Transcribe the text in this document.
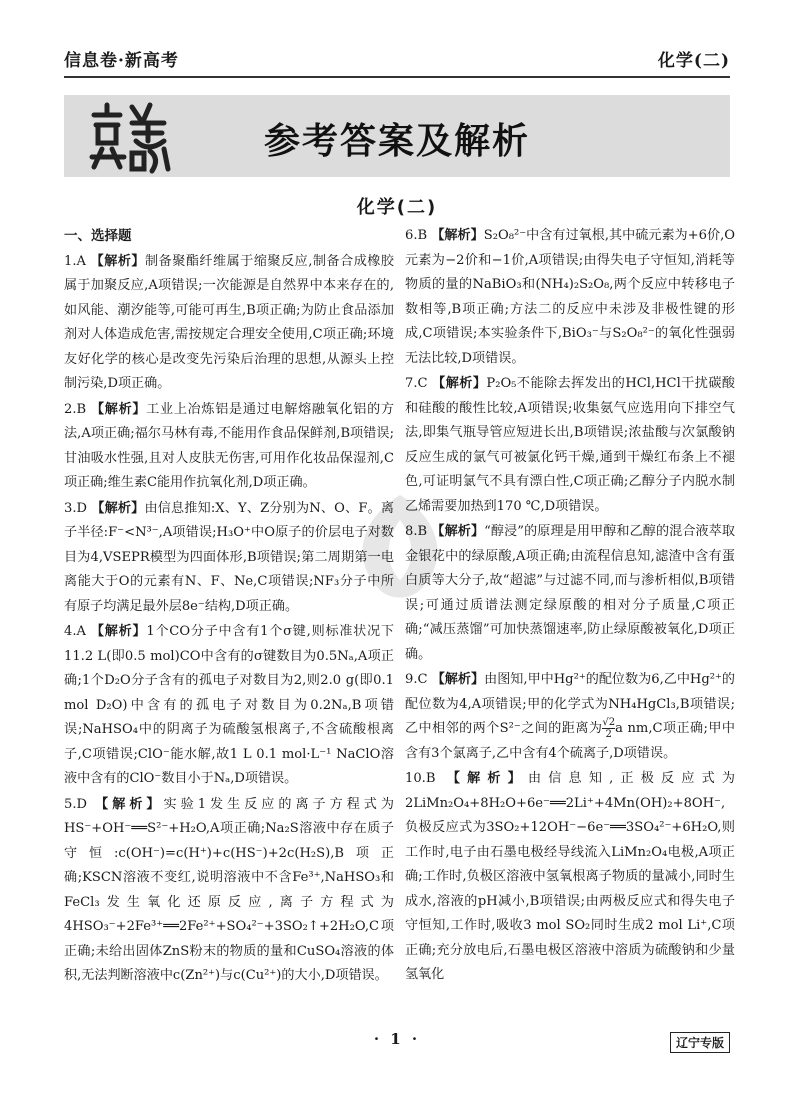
信息卷·新高考	化学(二)
参考答案及解析
化学(二)
一、选择题

1.A 【解析】制备聚酯纤维属于缩聚反应,制备合成橡胶属于加聚反应,A项错误;一次能源是自然界中本来存在的,如风能、潮汐能等,可能可再生,B项正确;为防止食品添加剂对人体造成危害,需按规定合理安全使用,C项正确;环境友好化学的核心是改变先污染后治理的思想,从源头上控制污染,D项正确。

2.B 【解析】工业上冶炼铝是通过电解熔融氧化铝的方法,A项正确;福尔马林有毒,不能用作食品保鲜剂,B项错误;甘油吸水性强,且对人皮肤无伤害,可用作化妆品保湿剂,C项正确;维生素C能用作抗氧化剂,D项正确。

3.D 【解析】由信息推知:X、Y、Z分别为N、O、F。离子半径:F⁻<N³⁻,A项错误;H₃O⁺中O原子的价层电子对数目为4,VSEPR模型为四面体形,B项错误;第二周期第一电离能大于O的元素有N、F、Ne,C项错误;NF₃分子中所有原子均满足最外层8e⁻结构,D项正确。

4.A 【解析】1个CO分子中含有1个σ键,则标准状况下11.2 L(即0.5 mol)CO中含有的σ键数目为0.5Nₐ,A项正确;1个D₂O分子含有的孤电子对数目为2,则2.0 g(即0.1 mol D₂O)中含有的孤电子对数目为0.2Nₐ,B项错误;NaHSO₄中的阴离子为硫酸氢根离子,不含硫酸根离子,C项错误;ClO⁻能水解,故1 L 0.1 mol·L⁻¹ NaClO溶液中含有的ClO⁻数目小于Nₐ,D项错误。

5.D 【解析】实验1发生反应的离子方程式为HS⁻+OH⁻══S²⁻+H₂O,A项正确;Na₂S溶液中存在质子守恒:c(OH⁻)=c(H⁺)+c(HS⁻)+2c(H₂S),B项正确;KSCN溶液不变红,说明溶液中不含Fe³⁺,NaHSO₃和FeCl₃发生氧化还原反应,离子方程式为4HSO₃⁻+2Fe³⁺══2Fe²⁺+SO₄²⁻+3SO₂↑+2H₂O,C项正确;未给出固体ZnS粉末的物质的量和CuSO₄溶液的体积,无法判断溶液中c(Zn²⁺)与c(Cu²⁺)的大小,D项错误。

6.B 【解析】S₂O₈²⁻中含有过氧根,其中硫元素为+6价,O元素为−2价和−1价,A项错误;由得失电子守恒知,消耗等物质的量的NaBiO₃和(NH₄)₂S₂O₈,两个反应中转移电子数相等,B项正确;方法二的反应中未涉及非极性键的形成,C项错误;本实验条件下,BiO₃⁻与S₂O₈²⁻的氧化性强弱无法比较,D项错误。

7.C 【解析】P₂O₅不能除去挥发出的HCl,HCl干扰碳酸和硅酸的酸性比较,A项错误;收集氨气应选用向下排空气法,即集气瓶导管应短进长出,B项错误;浓盐酸与次氯酸钠反应生成的氯气可被氯化钙干燥,通到干燥红布条上不褪色,可证明氯气不具有漂白性,C项正确;乙醇分子内脱水制乙烯需要加热到170 ℃,D项错误。

8.B 【解析】“醇浸”的原理是用甲醇和乙醇的混合液萃取金银花中的绿原酸,A项正确;由流程信息知,滤渣中含有蛋白质等大分子,故“超滤”与过滤不同,而与渗析相似,B项错误;可通过质谱法测定绿原酸的相对分子质量,C项正确;“减压蒸馏”可加快蒸馏速率,防止绿原酸被氧化,D项正确。

9.C 【解析】由图知,甲中Hg²⁺的配位数为6,乙中Hg²⁺的配位数为4,A项错误;甲的化学式为NH₄HgCl₃,B项错误;乙中相邻的两个S²⁻之间的距离为 $\frac{√2}{2}$ a nm,C项正确;甲中含有3个氯离子,乙中含有4个硫离子,D项错误。

10.B 【解析】由信息知,正极反应式为2LiMn₂O₄+8H₂O+6e⁻══2Li⁺+4Mn(OH)₂+8OH⁻,负极反应式为3SO₂+12OH⁻−6e⁻══3SO₄²⁻+6H₂O,则工作时,电子由石墨电极经导线流入LiMn₂O₄电极,A项正确;工作时,负极区溶液中氢氧根离子物质的量减小,同时生成水,溶液的pH减小,B项错误;由两极反应式和得失电子守恒知,工作时,吸收3 mol SO₂同时生成2 mol Li⁺,C项正确;充分放电后,石墨电极区溶液中溶质为硫酸钠和少量氢氧化

· 1 ·	辽宁专版
